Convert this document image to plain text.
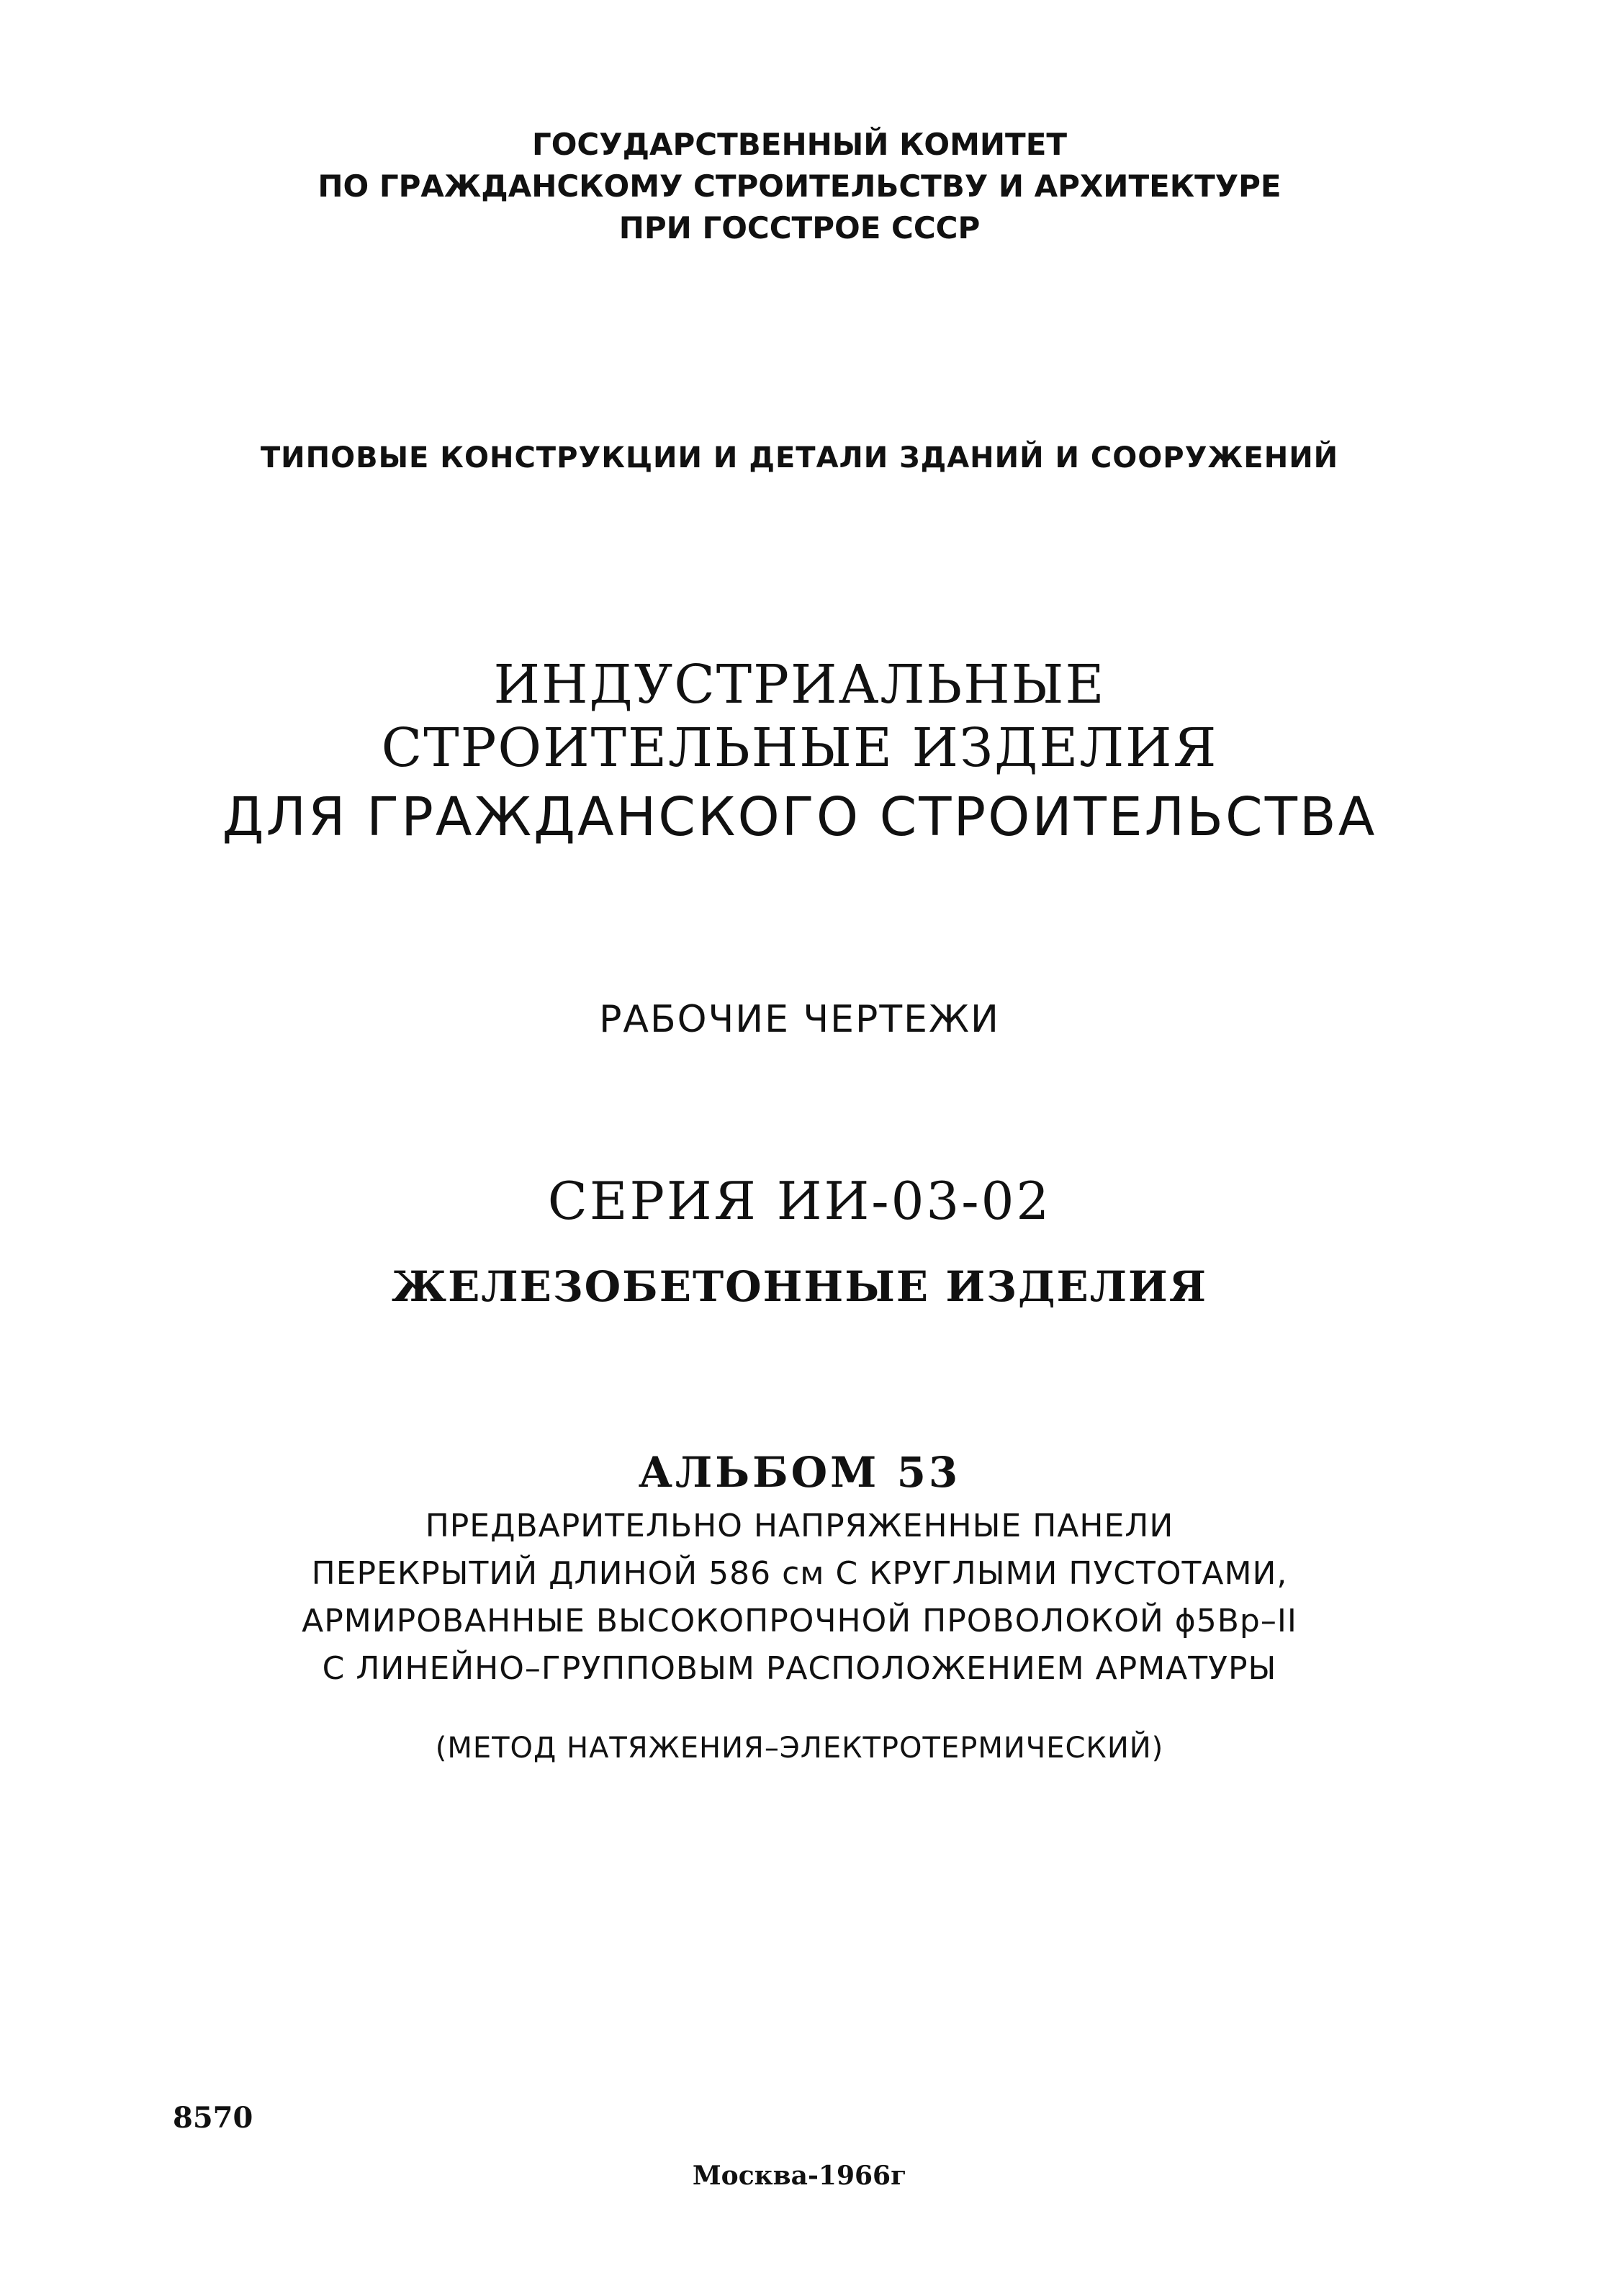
ГОСУДАРСТВЕННЫЙ КОМИТЕТ
ПО ГРАЖДАНСКОМУ СТРОИТЕЛЬСТВУ И АРХИТЕКТУРЕ
ПРИ ГОССТРОЕ СССР
ТИПОВЫЕ КОНСТРУКЦИИ И ДЕТАЛИ ЗДАНИЙ И СООРУЖЕНИЙ
ИНДУСТРИАЛЬНЫЕ
СТРОИТЕЛЬНЫЕ ИЗДЕЛИЯ
ДЛЯ ГРАЖДАНСКОГО СТРОИТЕЛЬСТВА
РАБОЧИЕ ЧЕРТЕЖИ
СЕРИЯ ИИ-03-02
ЖЕЛЕЗОБЕТОННЫЕ ИЗДЕЛИЯ
АЛЬБОМ 53
ПРЕДВАРИТЕЛЬНО НАПРЯЖЕННЫЕ ПАНЕЛИ
ПЕРЕКРЫТИЙ ДЛИНОЙ 586 см С КРУГЛЫМИ ПУСТОТАМИ,
АРМИРОВАННЫЕ ВЫСОКОПРОЧНОЙ ПРОВОЛОКОЙ ϕ5Вр–II
С ЛИНЕЙНО–ГРУППОВЫМ РАСПОЛОЖЕНИЕМ АРМАТУРЫ
(МЕТОД НАТЯЖЕНИЯ–ЭЛЕКТРОТЕРМИЧЕСКИЙ)
8570
Москва-1966г
